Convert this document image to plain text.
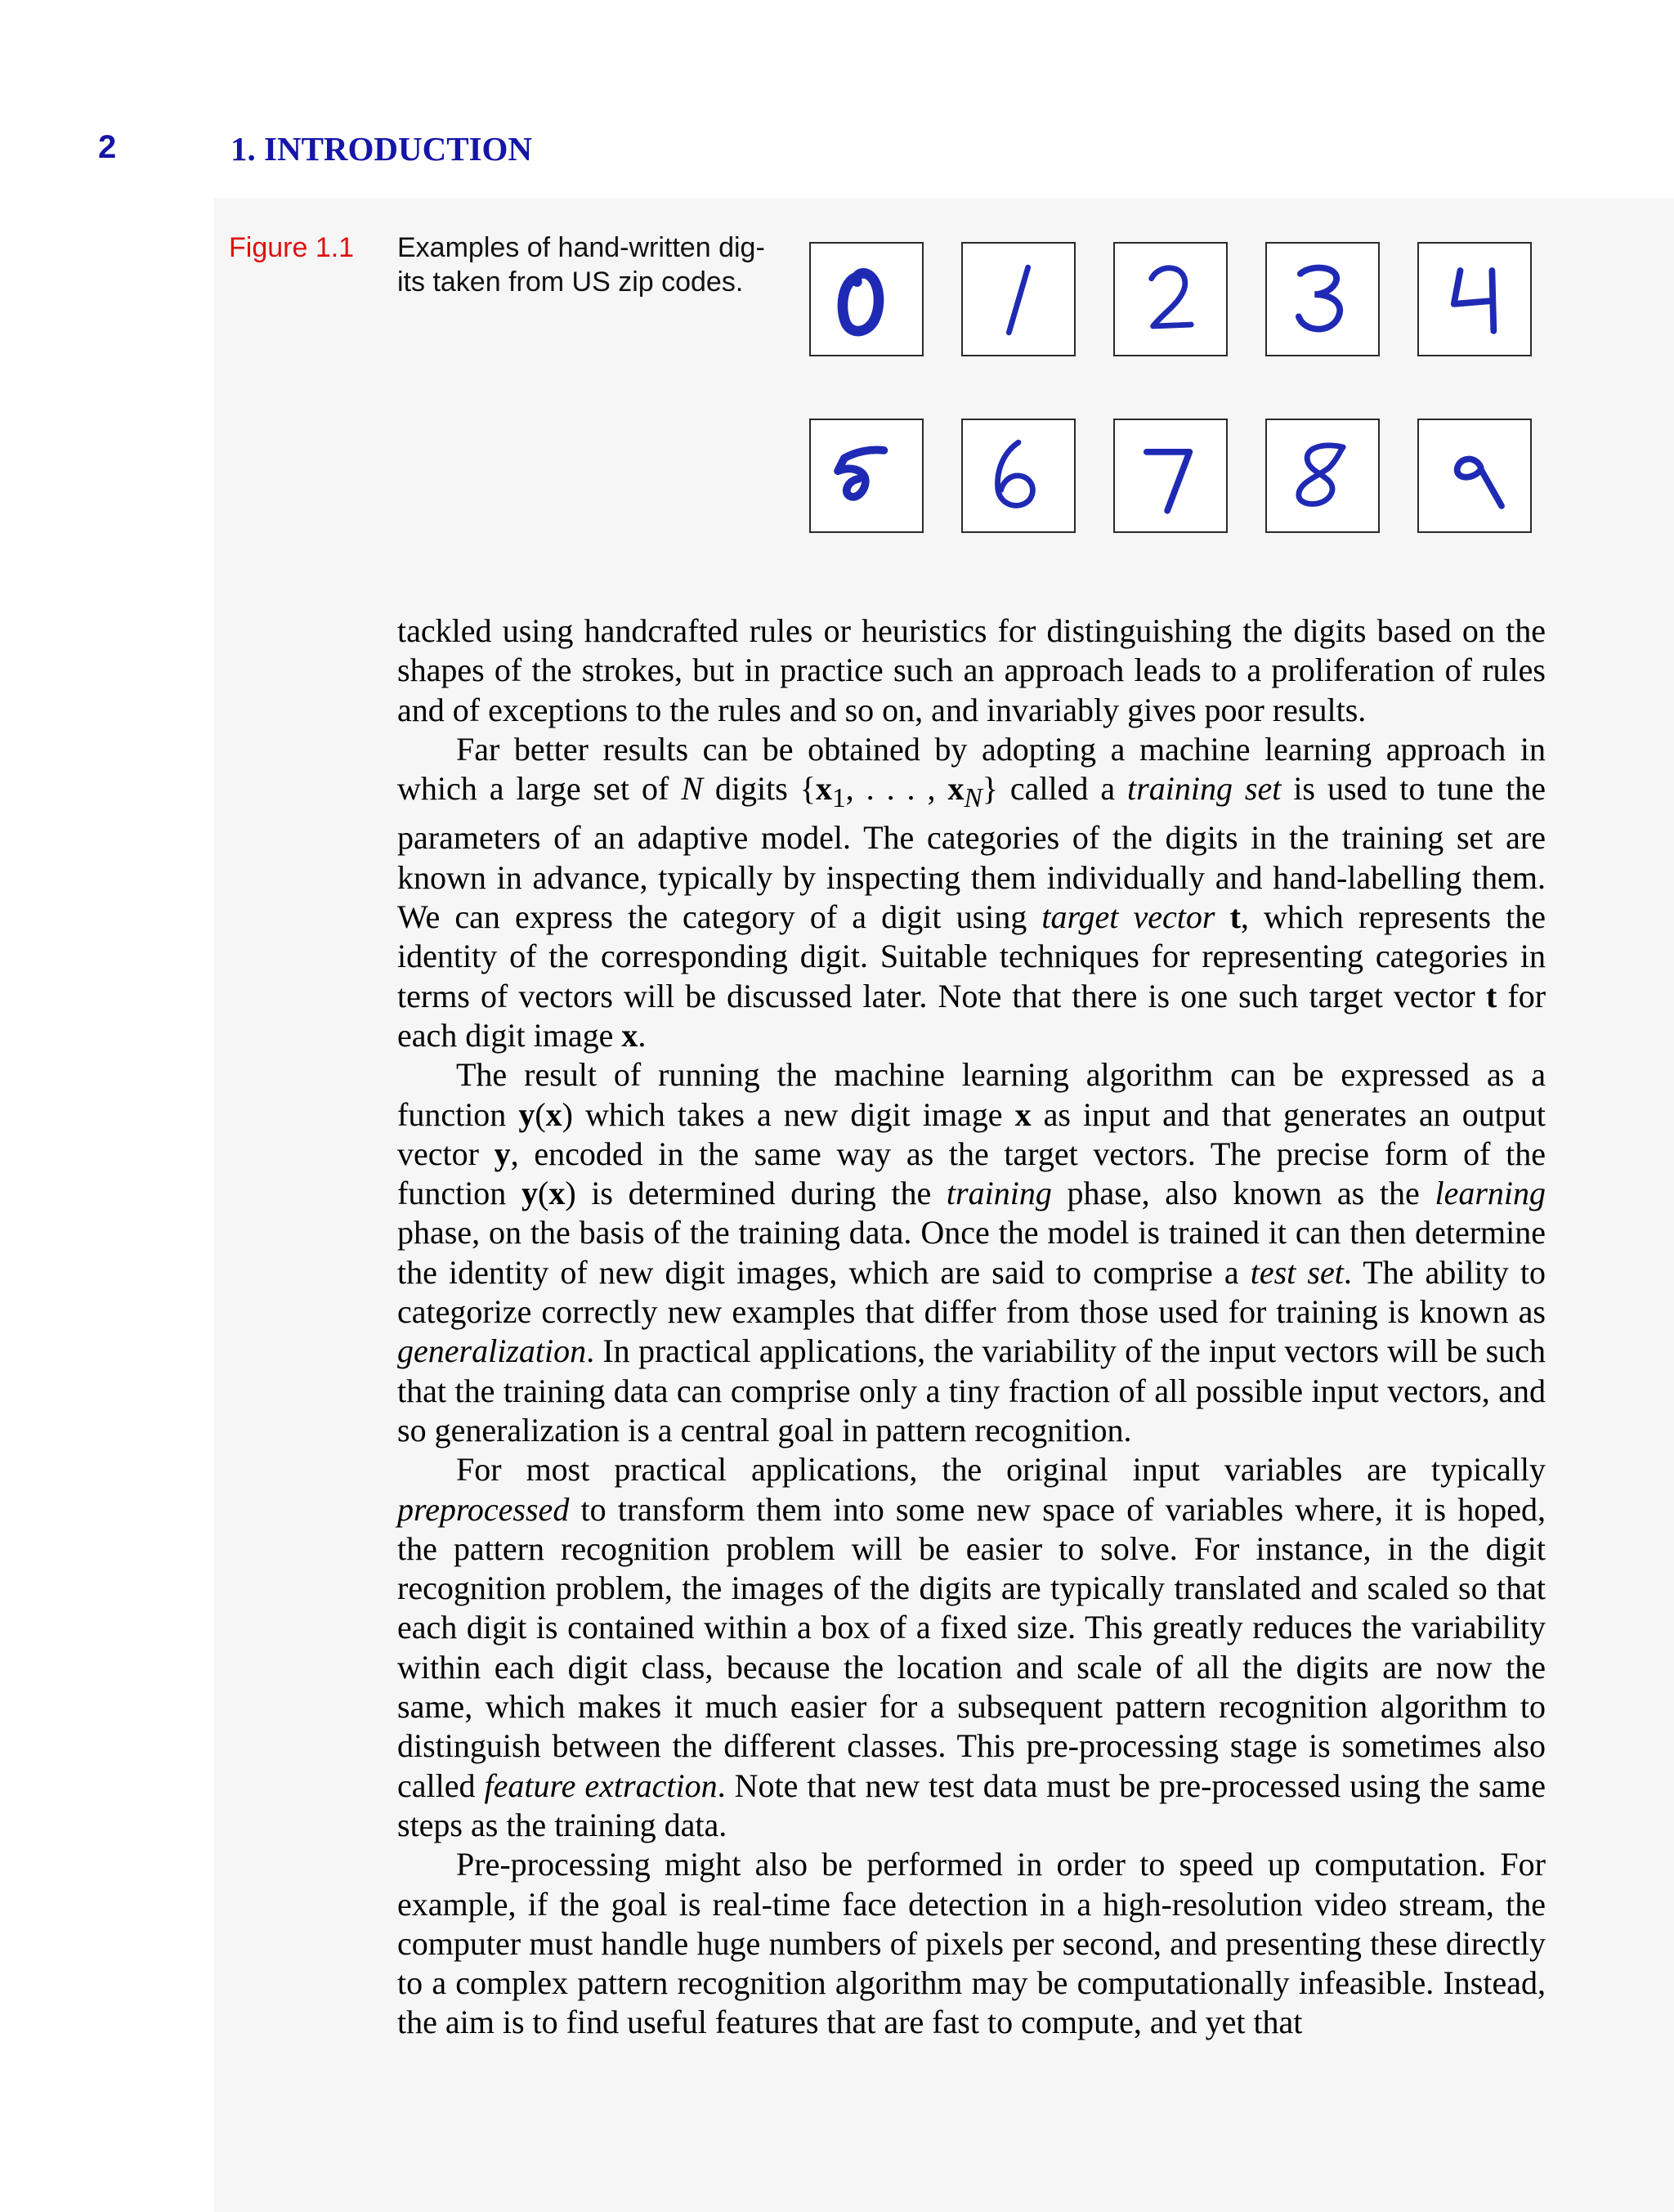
2	1. INTRODUCTION
Figure 1.1 Examples of hand-written dig-
its taken from US zip codes.

tackled using handcrafted rules or heuristics for distinguishing the digits based on the shapes of the strokes, but in practice such an approach leads to a proliferation of rules and of exceptions to the rules and so on, and invariably gives poor results.

Far better results can be obtained by adopting a machine learning approach in which a large set of N digits {$x_1$, . . . , $x_N$} called a training set is used to tune the parameters of an adaptive model. The categories of the digits in the training set are known in advance, typically by inspecting them individually and hand-labelling them. We can express the category of a digit using target vector t, which represents the identity of the corresponding digit. Suitable techniques for representing categories in terms of vectors will be discussed later. Note that there is one such target vector t for each digit image x.

The result of running the machine learning algorithm can be expressed as a function y(x) which takes a new digit image x as input and that generates an output vector y, encoded in the same way as the target vectors. The precise form of the function y(x) is determined during the training phase, also known as the learning phase, on the basis of the training data. Once the model is trained it can then determine the identity of new digit images, which are said to comprise a test set. The ability to categorize correctly new examples that differ from those used for training is known as generalization. In practical applications, the variability of the input vectors will be such that the training data can comprise only a tiny fraction of all possible input vectors, and so generalization is a central goal in pattern recognition.

For most practical applications, the original input variables are typically preprocessed to transform them into some new space of variables where, it is hoped, the pattern recognition problem will be easier to solve. For instance, in the digit recognition problem, the images of the digits are typically translated and scaled so that each digit is contained within a box of a fixed size. This greatly reduces the variability within each digit class, because the location and scale of all the digits are now the same, which makes it much easier for a subsequent pattern recognition algorithm to distinguish between the different classes. This pre-processing stage is sometimes also called feature extraction. Note that new test data must be pre-processed using the same steps as the training data.

Pre-processing might also be performed in order to speed up computation. For example, if the goal is real-time face detection in a high-resolution video stream, the computer must handle huge numbers of pixels per second, and presenting these directly to a complex pattern recognition algorithm may be computationally infeasible. Instead, the aim is to find useful features that are fast to compute, and yet that
